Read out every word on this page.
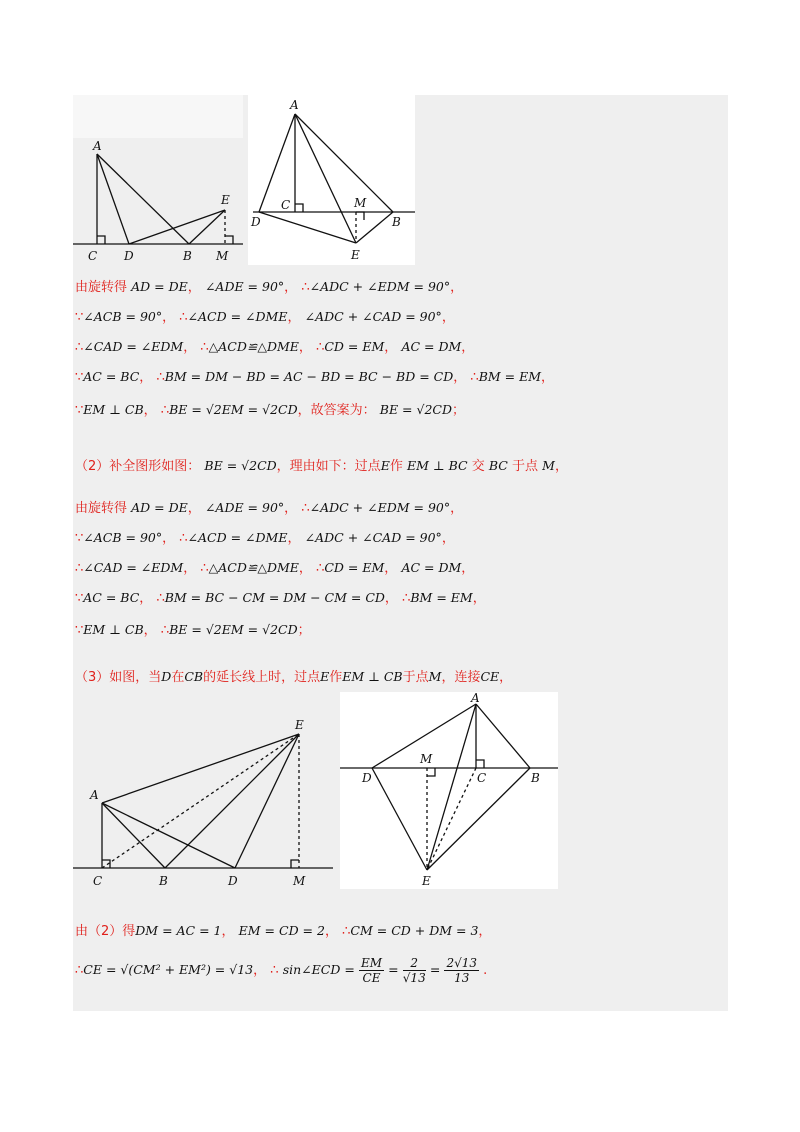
A
C D	B
E
M
A
C	M
D	B
E
由旋转得 AD = DE， ∠ADE = 90°， ∴∠ADC + ∠EDM = 90°，
∵∠ACB = 90°， ∴∠ACD = ∠DME， ∠ADC + ∠CAD = 90°，
∴∠CAD = ∠EDM， ∴△ACD≌△DME， ∴CD = EM， AC = DM，
∵AC = BC， ∴BM = DM − BD = AC − BD = BC − BD = CD， ∴BM = EM，
∵EM ⊥ CB， ∴BE = √2EM = √2CD，故答案为： BE = √2CD；
（2）补全图形如图： BE = √2CD，理由如下：过点E作 EM ⊥ BC 交 BC 于点 M，
由旋转得 AD = DE， ∠ADE = 90°， ∴∠ADC + ∠EDM = 90°，
∵∠ACB = 90°， ∴∠ACD = ∠DME， ∠ADC + ∠CAD = 90°，
∴∠CAD = ∠EDM， ∴△ACD≌△DME， ∴CD = EM， AC = DM，
∵AC = BC， ∴BM = BC − CM = DM − CM = CD， ∴BM = EM，
∵EM ⊥ CB， ∴BE = √2EM = √2CD；
（3）如图，当D在CB的延长线上时，过点E作EM ⊥ CB于点M，连接CE，
A
E
C	B	D	M
A
M
C
D	B
E
由（2）得DM = AC = 1， EM = CD = 2， ∴CM = CD + DM = 3，
∴CE = √(CM² + EM²) = √13， ∴ sin∠ECD = $\frac{EM}{CE} = \frac{2}{√13} = \frac{2√13}{13}$ .
